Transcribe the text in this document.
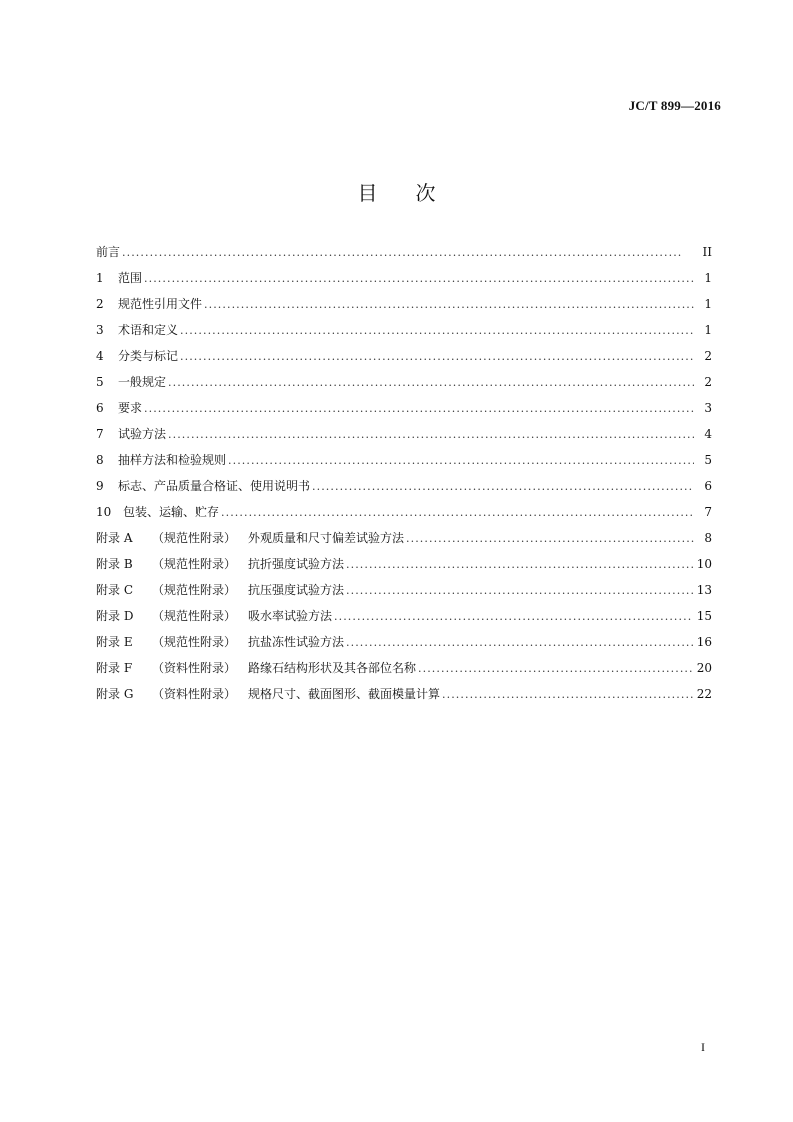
JC/T 899—2016
目 次
前言 . . .	II
1	范围 . . .	1
2	规范性引用文件 . . .	1
3	术语和定义 . . .	1
4	分类与标记 . . .	2
5	一般规定 . . .	2
6	要求 . . .	3
7	试验方法 . . .	4
8	抽样方法和检验规则 . . .	5
9	标志、产品质量合格证、使用说明书 . . .	6
10 包装、运输、贮存 . . .	7
附录 A	（规范性附录） 外观质量和尺寸偏差试验方法 . . .	8
附录 B	（规范性附录） 抗折强度试验方法 . . .	10
附录 C	（规范性附录） 抗压强度试验方法 . . .	13
附录 D	（规范性附录） 吸水率试验方法 . . .	15
附录 E	（规范性附录） 抗盐冻性试验方法 . . .	16
附录 F	（资料性附录） 路缘石结构形状及其各部位名称 . . .	20
附录 G	（资料性附录） 规格尺寸、截面图形、截面模量计算 . . .	22
I
